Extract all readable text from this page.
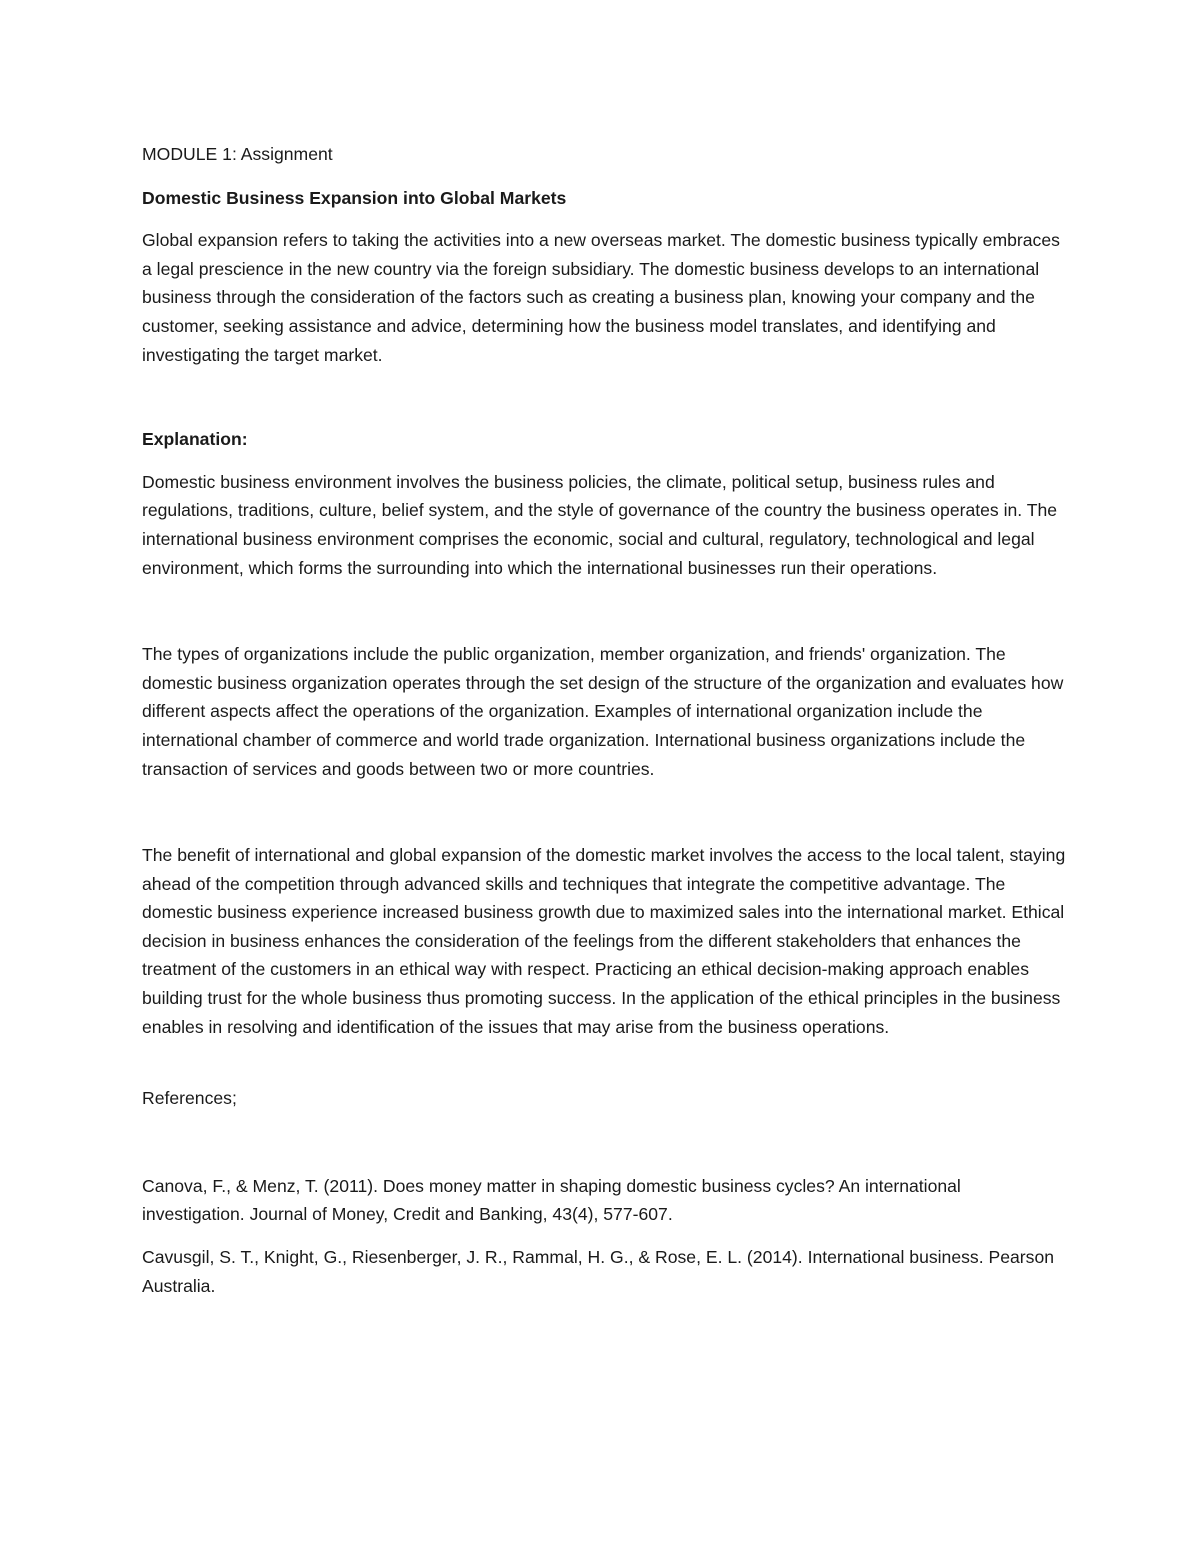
MODULE 1: Assignment

Domestic Business Expansion into Global Markets

Global expansion refers to taking the activities into a new overseas market. The domestic business typically embraces a legal prescience in the new country via the foreign subsidiary. The domestic business develops to an international business through the consideration of the factors such as creating a business plan, knowing your company and the customer, seeking assistance and advice, determining how the business model translates, and identifying and investigating the target market.

Explanation:

Domestic business environment involves the business policies, the climate, political setup, business rules and regulations, traditions, culture, belief system, and the style of governance of the country the business operates in. The international business environment comprises the economic, social and cultural, regulatory, technological and legal environment, which forms the surrounding into which the international businesses run their operations.

The types of organizations include the public organization, member organization, and friends' organization. The domestic business organization operates through the set design of the structure of the organization and evaluates how different aspects affect the operations of the organization. Examples of international organization include the international chamber of commerce and world trade organization. International business organizations include the transaction of services and goods between two or more countries.

The benefit of international and global expansion of the domestic market involves the access to the local talent, staying ahead of the competition through advanced skills and techniques that integrate the competitive advantage. The domestic business experience increased business growth due to maximized sales into the international market. Ethical decision in business enhances the consideration of the feelings from the different stakeholders that enhances the treatment of the customers in an ethical way with respect. Practicing an ethical decision-making approach enables building trust for the whole business thus promoting success. In the application of the ethical principles in the business enables in resolving and identification of the issues that may arise from the business operations.

References;

Canova, F., & Menz, T. (2011). Does money matter in shaping domestic business cycles? An international investigation. Journal of Money, Credit and Banking, 43(4), 577-607.

Cavusgil, S. T., Knight, G., Riesenberger, J. R., Rammal, H. G., & Rose, E. L. (2014). International business. Pearson Australia.
